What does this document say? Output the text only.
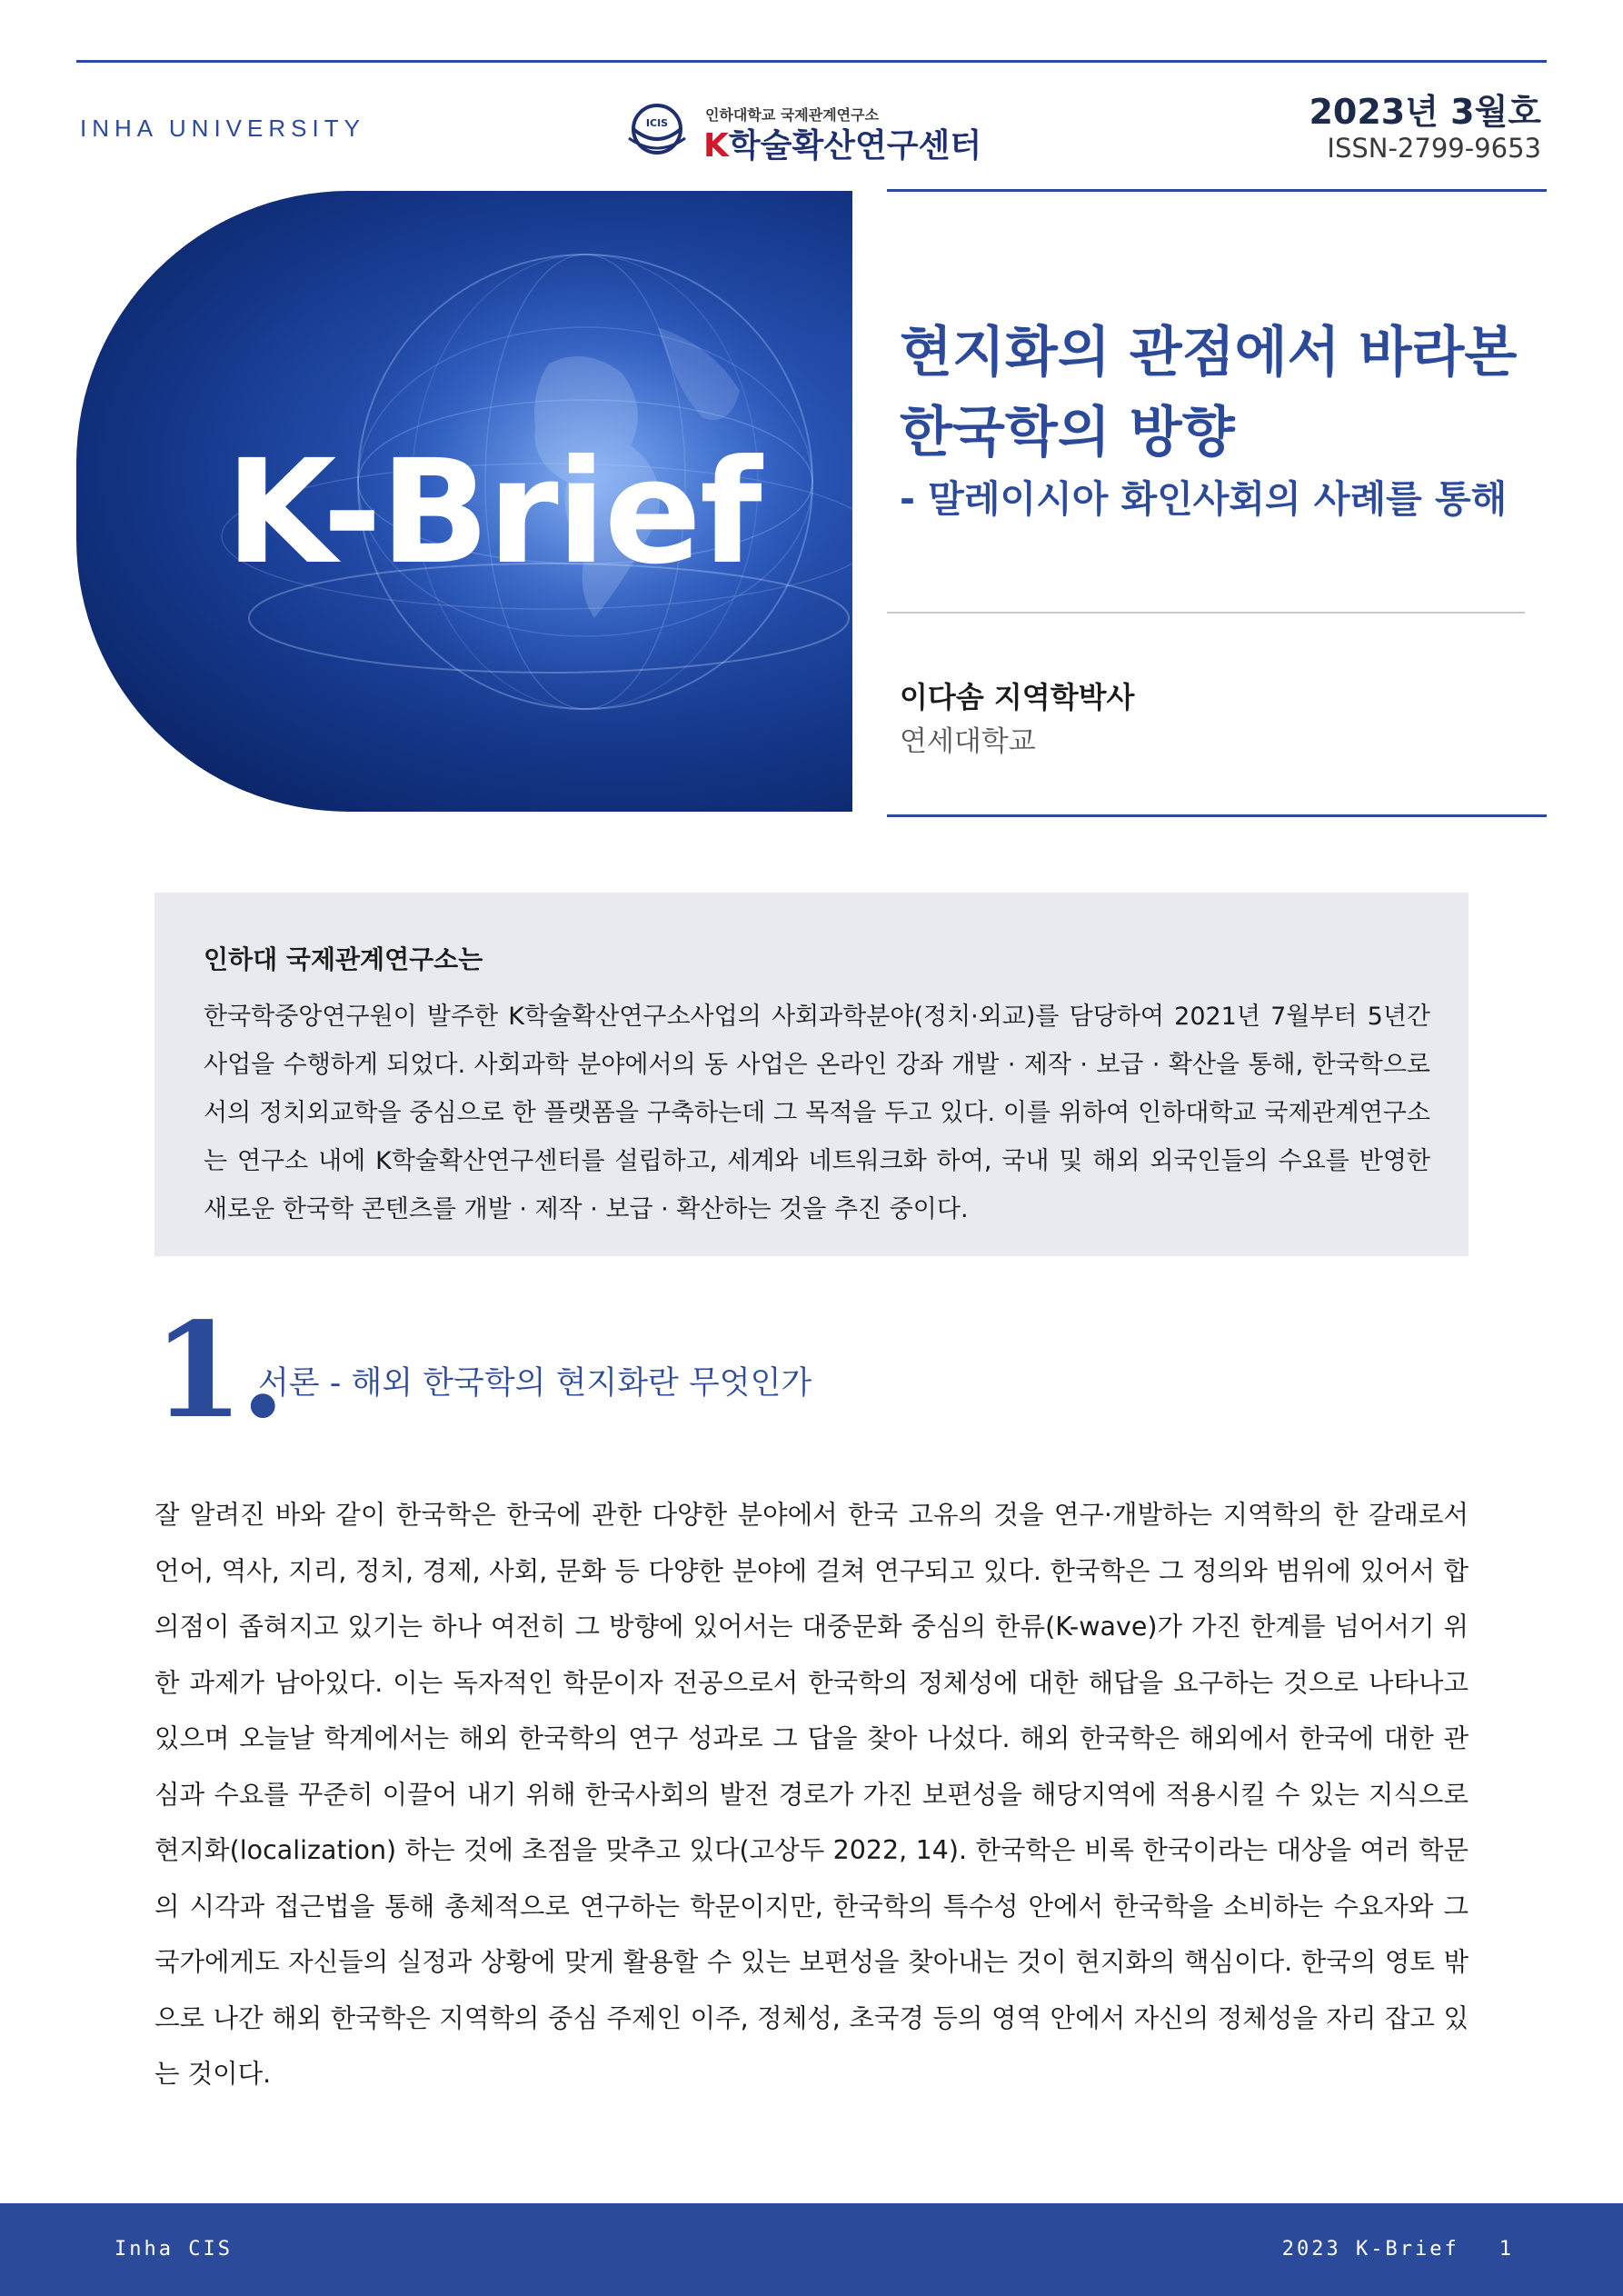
INHA UNIVERSITY	ICIS	인하대학교 국제관계연구소
K학술확산연구센터
2023년 3월호
ISSN-2799-9653
K-Brief
현지화의 관점에서 바라본
한국학의 방향
- 말레이시아 화인사회의 사례를 통해
이다솜 지역학박사
연세대학교
인하대 국제관계연구소는
한국학중앙연구원이 발주한 K학술확산연구소사업의 사회과학분야(정치·외교)를 담당하여 2021년 7월부터 5년간 사업을 수행하게 되었다. 사회과학 분야에서의 동 사업은 온라인 강좌 개발 · 제작 · 보급 · 확산을 통해, 한국학으로서의 정치외교학을 중심으로 한 플랫폼을 구축하는데 그 목적을 두고 있다. 이를 위하여 인하대학교 국제관계연구소는 연구소 내에 K학술확산연구센터를 설립하고, 세계와 네트워크화 하여, 국내 및 해외 외국인들의 수요를 반영한 새로운 한국학 콘텐츠를 개발 · 제작 · 보급 · 확산하는 것을 추진 중이다.
1.
서론 - 해외 한국학의 현지화란 무엇인가
잘 알려진 바와 같이 한국학은 한국에 관한 다양한 분야에서 한국 고유의 것을 연구·개발하는 지역학의 한 갈래로서 언어, 역사, 지리, 정치, 경제, 사회, 문화 등 다양한 분야에 걸쳐 연구되고 있다. 한국학은 그 정의와 범위에 있어서 합의점이 좁혀지고 있기는 하나 여전히 그 방향에 있어서는 대중문화 중심의 한류(K-wave)가 가진 한계를 넘어서기 위한 과제가 남아있다. 이는 독자적인 학문이자 전공으로서 한국학의 정체성에 대한 해답을 요구하는 것으로 나타나고 있으며 오늘날 학계에서는 해외 한국학의 연구 성과로 그 답을 찾아 나섰다. 해외 한국학은 해외에서 한국에 대한 관심과 수요를 꾸준히 이끌어 내기 위해 한국사회의 발전 경로가 가진 보편성을 해당지역에 적용시킬 수 있는 지식으로 현지화(localization) 하는 것에 초점을 맞추고 있다(고상두 2022, 14). 한국학은 비록 한국이라는 대상을 여러 학문의 시각과 접근법을 통해 총체적으로 연구하는 학문이지만, 한국학의 특수성 안에서 한국학을 소비하는 수요자와 그 국가에게도 자신들의 실정과 상황에 맞게 활용할 수 있는 보편성을 찾아내는 것이 현지화의 핵심이다. 한국의 영토 밖으로 나간 해외 한국학은 지역학의 중심 주제인 이주, 정체성, 초국경 등의 영역 안에서 자신의 정체성을 자리 잡고 있는 것이다.
Inha CIS	2023 K-Brief 1
